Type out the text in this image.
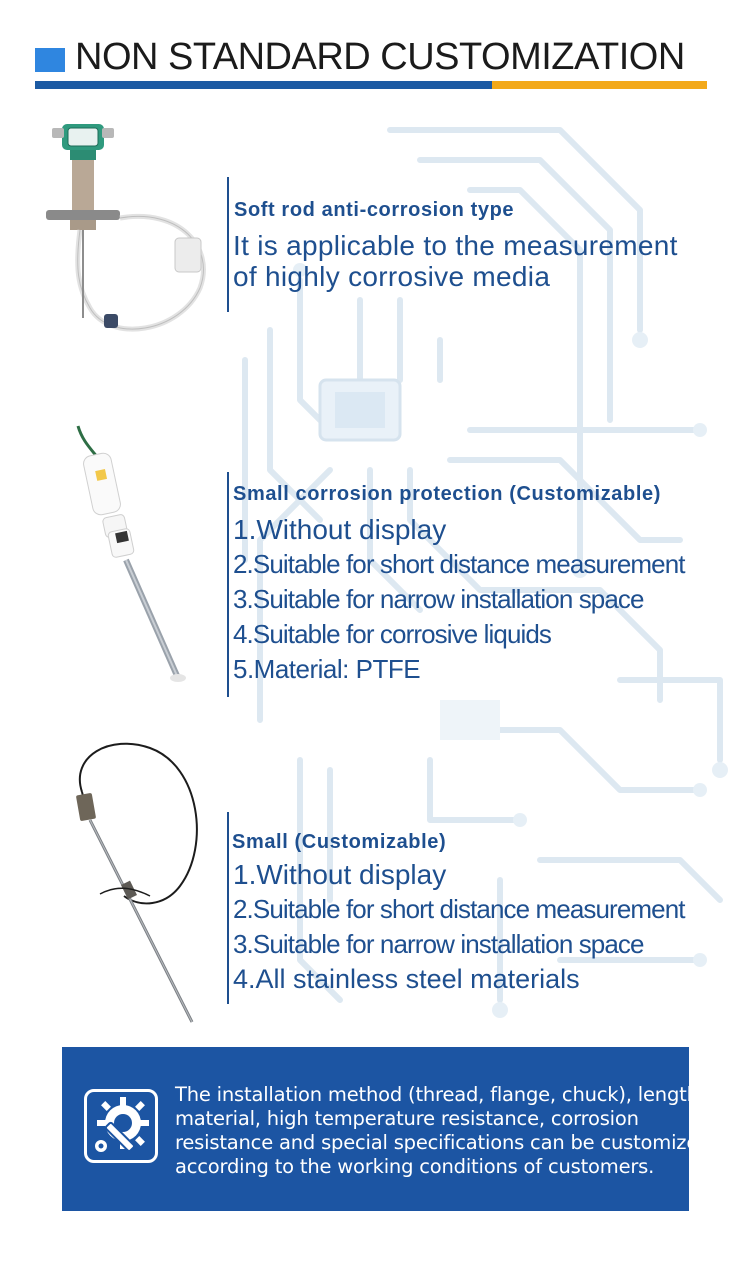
NON STANDARD CUSTOMIZATION
Soft rod anti-corrosion type
It is applicable to the measurement
of highly corrosive media
Small corrosion protection (Customizable)
1.Without display
2.Suitable for short distance measurement
3.Suitable for narrow installation space
4.Suitable for corrosive liquids
5.Material: PTFE
Small (Customizable)
1.Without display
2.Suitable for short distance measurement
3.Suitable for narrow installation space
4.All stainless steel materials
The installation method (thread, flange, chuck), length,
material, high temperature resistance, corrosion
resistance and special specifications can be customized
according to the working conditions of customers.
